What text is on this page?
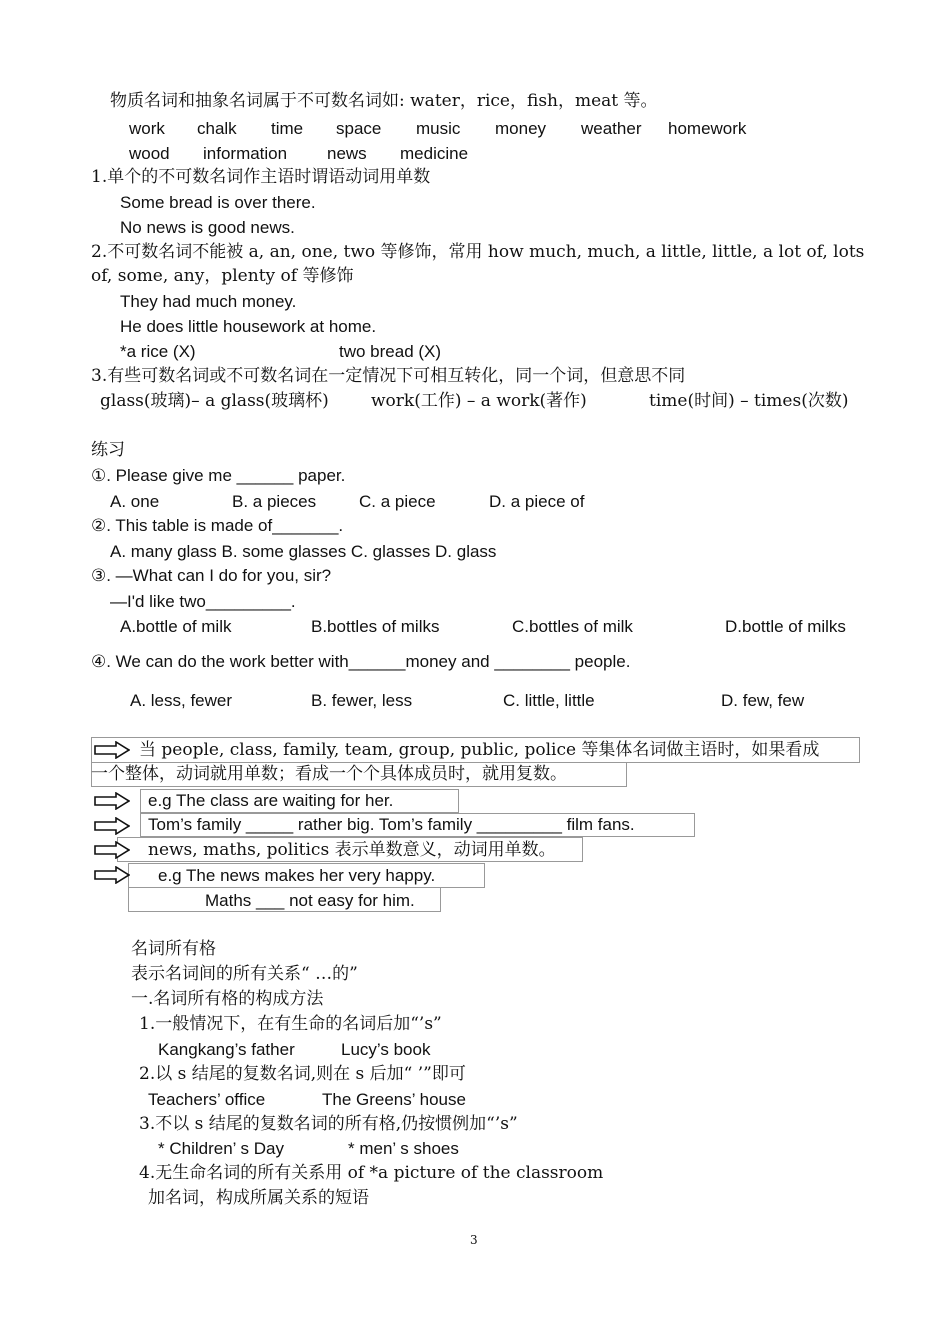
物质名词和抽象名词属于不可数名词如: water，rice，fish，meat 等。
work chalk time space music money weather homework
wood information news medicine
1.单个的不可数名词作主语时谓语动词用单数
Some bread is over there.
No news is good news.
2.不可数名词不能被 a, an, one, two 等修饰，常用 how much, much, a little, little, a lot of, lots
of, some, any，plenty of 等修饰
They had much money.
He does little housework at home.
*a rice (X)	two bread (X)
3.有些可数名词或不可数名词在一定情况下可相互转化，同一个词，但意思不同
glass(玻璃)– a glass(玻璃杯) work(工作) – a work(著作)	time(时间) – times(次数)
练习
①. Please give me ______ paper.
A. one	B. a pieces	C. a piece	D. a piece of
②. This table is made of_______.
A. many glass B. some glasses C. glasses D. glass
③. —What can I do for you, sir?
—I'd like two_________.
A.bottle of milk	B.bottles of milks	C.bottles of milk	D.bottle of milks
④. We can do the work better with______money and ________ people.
A. less, fewer	B. fewer, less	C. little, little	D. few, few
当 people, class, family, team, group, public, police 等集体名词做主语时，如果看成
一个整体，动词就用单数；看成一个个具体成员时，就用复数。
e.g The class are waiting for her.
Tom’s family _____ rather big. Tom’s family _________ film fans.
news, maths, politics 表示单数意义，动词用单数。
e.g The news makes her very happy.
Maths ___ not easy for him.
名词所有格
表示名词间的所有关系“ …的”
一.名词所有格的构成方法
1.一般情况下，在有生命的名词后加“’s”
Kangkang’s father	Lucy’s book
2.以 s 结尾的复数名词,则在 s 后加“ ’”即可
Teachers’ office	The Greens’ house
3.不以 s 结尾的复数名词的所有格,仍按惯例加“’s”
* Children’ s Day	* men’ s shoes
4.无生命名词的所有关系用 of *a picture of the classroom
加名词，构成所属关系的短语
3
